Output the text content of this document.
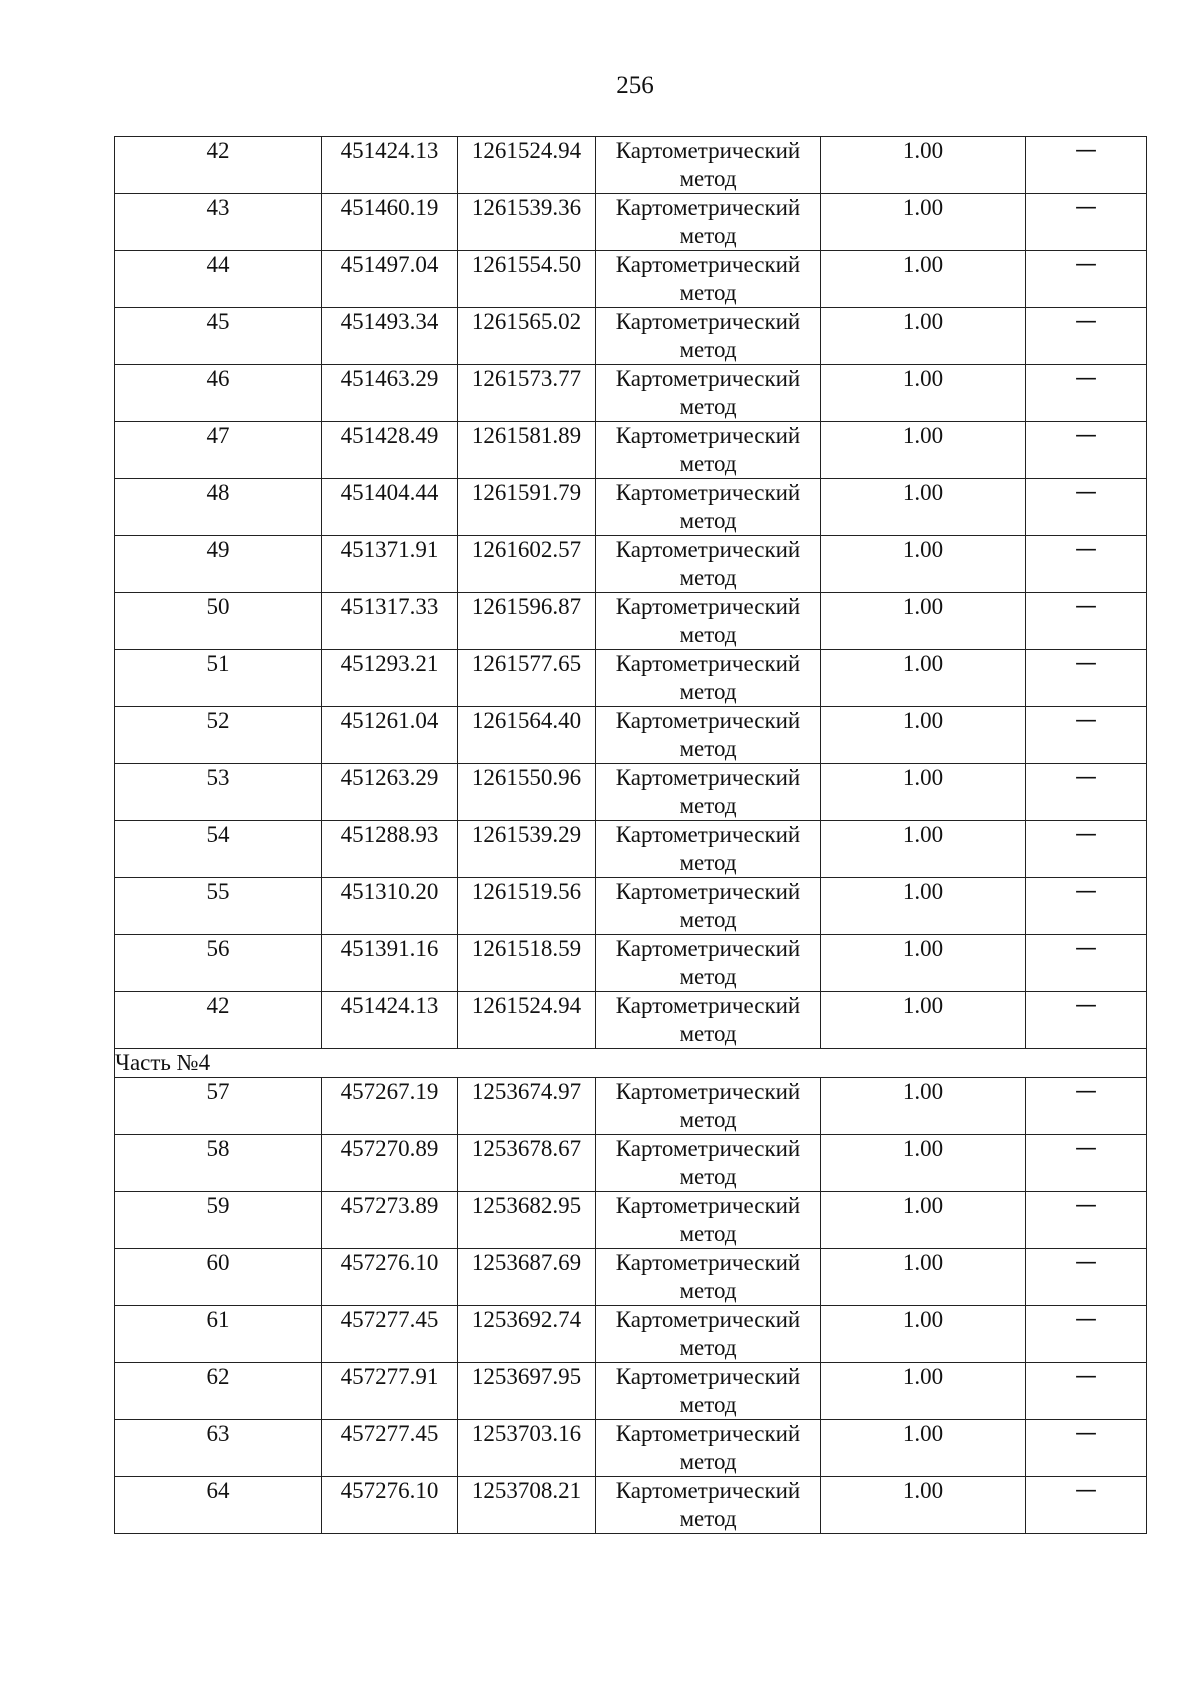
256
42	451424.13	1261524.94	Картометрический
метод	1.00	—
43	451460.19	1261539.36	Картометрический
метод	1.00	—
44	451497.04	1261554.50	Картометрический
метод	1.00	—
45	451493.34	1261565.02	Картометрический
метод	1.00	—
46	451463.29	1261573.77	Картометрический
метод	1.00	—
47	451428.49	1261581.89	Картометрический
метод	1.00	—
48	451404.44	1261591.79	Картометрический
метод	1.00	—
49	451371.91	1261602.57	Картометрический
метод	1.00	—
50	451317.33	1261596.87	Картометрический
метод	1.00	—
51	451293.21	1261577.65	Картометрический
метод	1.00	—
52	451261.04	1261564.40	Картометрический
метод	1.00	—
53	451263.29	1261550.96	Картометрический
метод	1.00	—
54	451288.93	1261539.29	Картометрический
метод	1.00	—
55	451310.20	1261519.56	Картометрический
метод	1.00	—
56	451391.16	1261518.59	Картометрический
метод	1.00	—
42	451424.13	1261524.94	Картометрический
метод	1.00	—
Часть №4					
57	457267.19	1253674.97	Картометрический
метод	1.00	—
58	457270.89	1253678.67	Картометрический
метод	1.00	—
59	457273.89	1253682.95	Картометрический
метод	1.00	—
60	457276.10	1253687.69	Картометрический
метод	1.00	—
61	457277.45	1253692.74	Картометрический
метод	1.00	—
62	457277.91	1253697.95	Картометрический
метод	1.00	—
63	457277.45	1253703.16	Картометрический
метод	1.00	—
64	457276.10	1253708.21	Картометрический
метод	1.00	—
